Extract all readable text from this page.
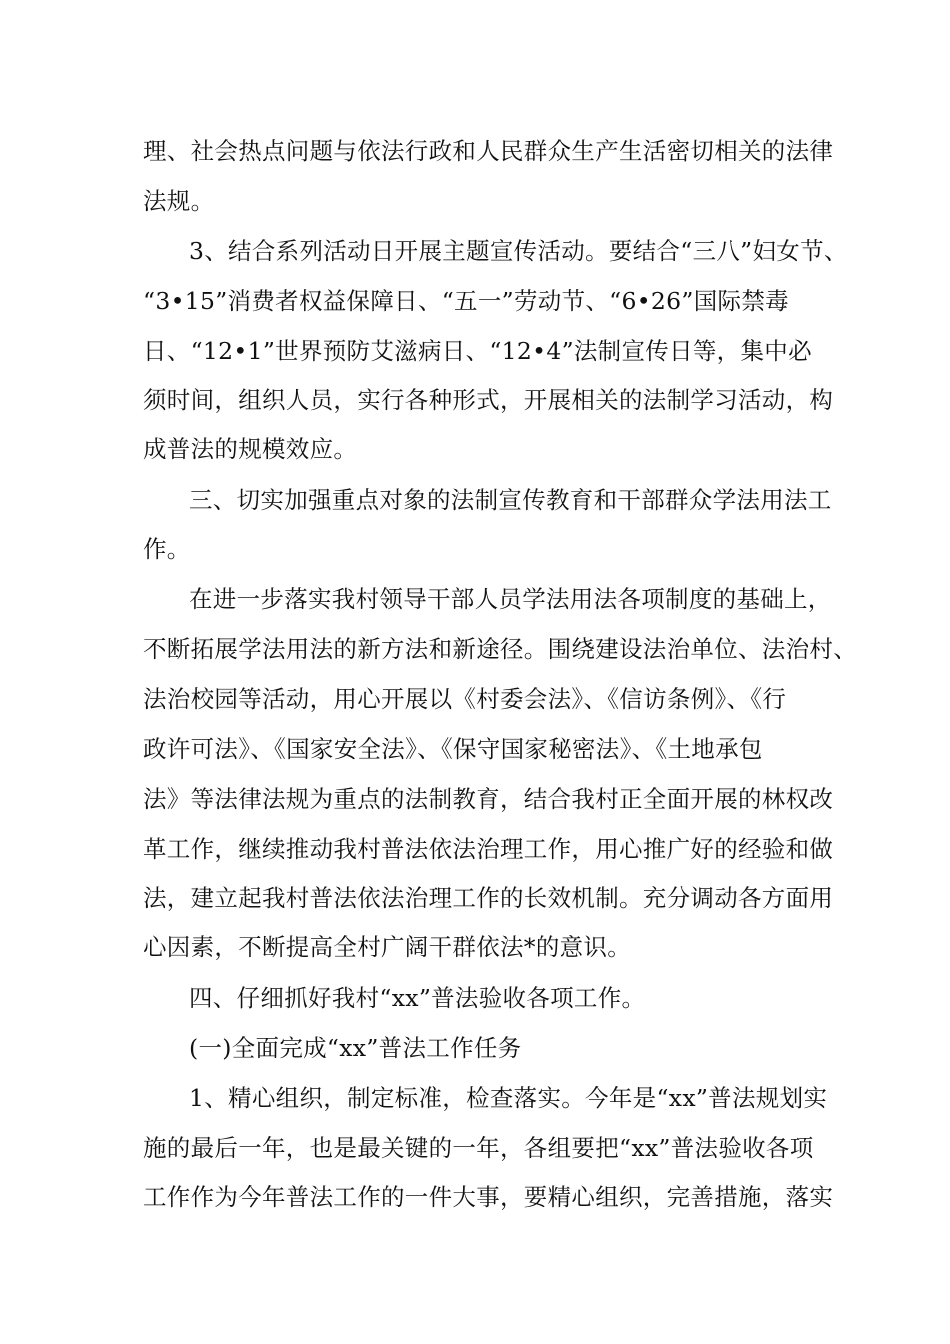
理、社会热点问题与依法行政和人民群众生产生活密切相关的法律
法规。
3、结合系列活动日开展主题宣传活动。要结合“三八”妇女节、
“3•15”消费者权益保障日、“五一”劳动节、“6•26”国际禁毒
日、“12•1”世界预防艾滋病日、“12•4”法制宣传日等，集中必
须时间，组织人员，实行各种形式，开展相关的法制学习活动，构
成普法的规模效应。
三、切实加强重点对象的法制宣传教育和干部群众学法用法工
作。
在进一步落实我村领导干部人员学法用法各项制度的基础上，
不断拓展学法用法的新方法和新途径。围绕建设法治单位、法治村、
法治校园等活动，用心开展以《村委会法》、《信访条例》、《行
政许可法》、《国家安全法》、《保守国家秘密法》、《土地承包
法》等法律法规为重点的法制教育，结合我村正全面开展的林权改
革工作，继续推动我村普法依法治理工作，用心推广好的经验和做
法，建立起我村普法依法治理工作的长效机制。充分调动各方面用
心因素，不断提高全村广阔干群依法*的意识。
四、仔细抓好我村“xx”普法验收各项工作。
(一)全面完成“xx”普法工作任务
1、精心组织，制定标准，检查落实。今年是“xx”普法规划实
施的最后一年，也是最关键的一年，各组要把“xx”普法验收各项
工作作为今年普法工作的一件大事，要精心组织，完善措施，落实
